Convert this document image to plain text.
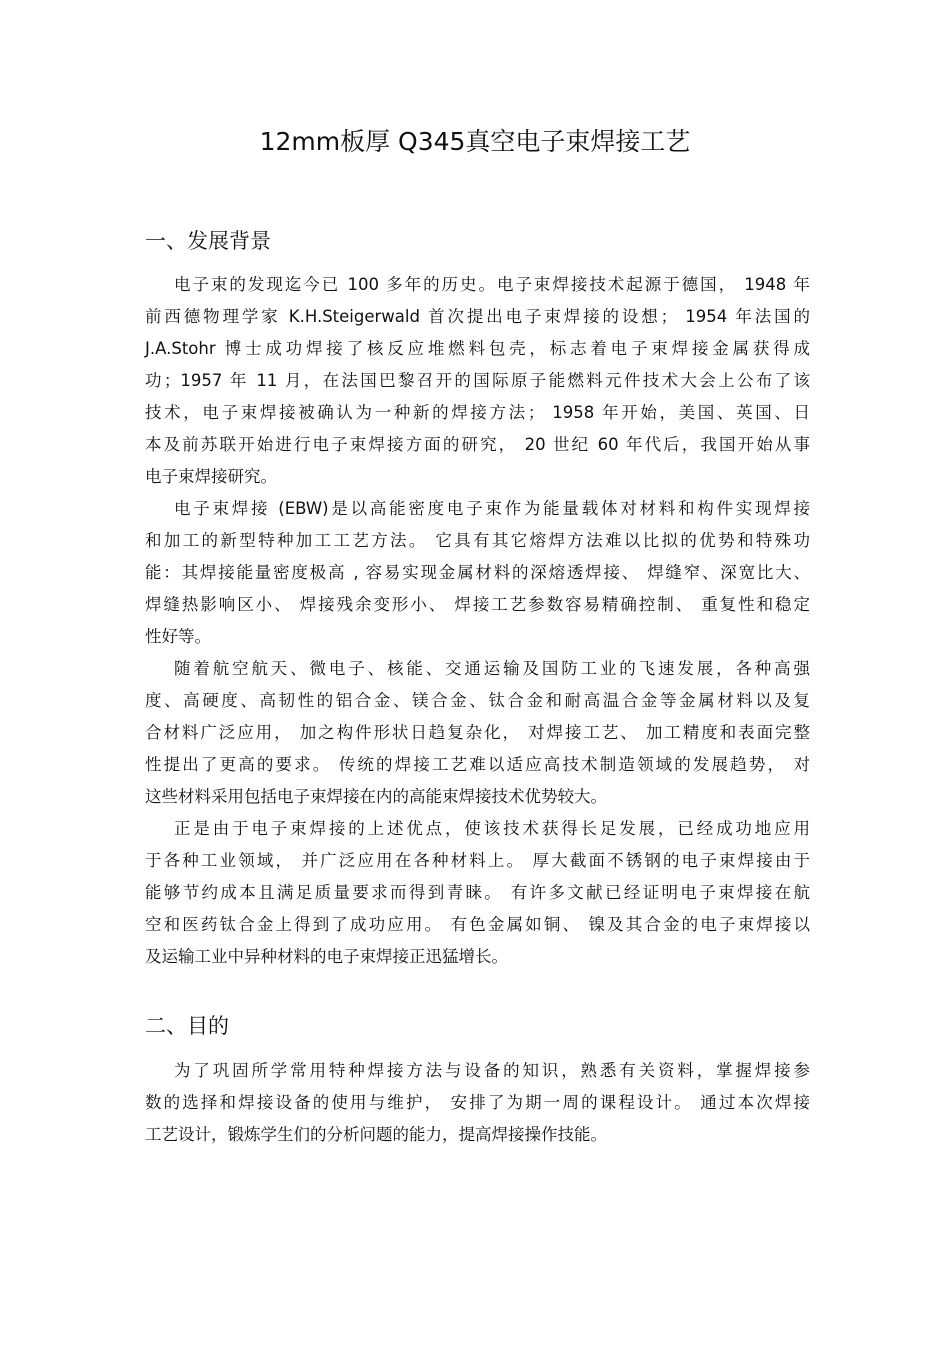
12mm板厚 Q345真空电子束焊接工艺
一、发展背景
电子束的发现迄今已 100 多年的历史。电子束焊接技术起源于德国， 1948 年
前西德物理学家 K.H.Steigerwald 首次提出电子束焊接的设想； 1954 年法国的
J.A.Stohr 博士成功焊接了核反应堆燃料包壳，标志着电子束焊接金属获得成
功；1957 年 11 月，在法国巴黎召开的国际原子能燃料元件技术大会上公布了该
技术，电子束焊接被确认为一种新的焊接方法； 1958 年开始，美国、英国、日
本及前苏联开始进行电子束焊接方面的研究， 20 世纪 60 年代后，我国开始从事
电子束焊接研究。
电子束焊接 (EBW)是以高能密度电子束作为能量载体对材料和构件实现焊接
和加工的新型特种加工工艺方法。 它具有其它熔焊方法难以比拟的优势和特殊功
能：其焊接能量密度极高 , 容易实现金属材料的深熔透焊接、 焊缝窄、深宽比大、
焊缝热影响区小、 焊接残余变形小、 焊接工艺参数容易精确控制、 重复性和稳定
性好等。
随着航空航天、微电子、核能、交通运输及国防工业的飞速发展，各种高强
度、高硬度、高韧性的铝合金、镁合金、钛合金和耐高温合金等金属材料以及复
合材料广泛应用， 加之构件形状日趋复杂化， 对焊接工艺、 加工精度和表面完整
性提出了更高的要求。 传统的焊接工艺难以适应高技术制造领域的发展趋势， 对
这些材料采用包括电子束焊接在内的高能束焊接技术优势较大。
正是由于电子束焊接的上述优点，使该技术获得长足发展，已经成功地应用
于各种工业领域， 并广泛应用在各种材料上。 厚大截面不锈钢的电子束焊接由于
能够节约成本且满足质量要求而得到青睐。 有许多文献已经证明电子束焊接在航
空和医药钛合金上得到了成功应用。 有色金属如铜、 镍及其合金的电子束焊接以
及运输工业中异种材料的电子束焊接正迅猛增长。
二、目的
为了巩固所学常用特种焊接方法与设备的知识，熟悉有关资料，掌握焊接参
数的选择和焊接设备的使用与维护， 安排了为期一周的课程设计。 通过本次焊接
工艺设计，锻炼学生们的分析问题的能力，提高焊接操作技能。
